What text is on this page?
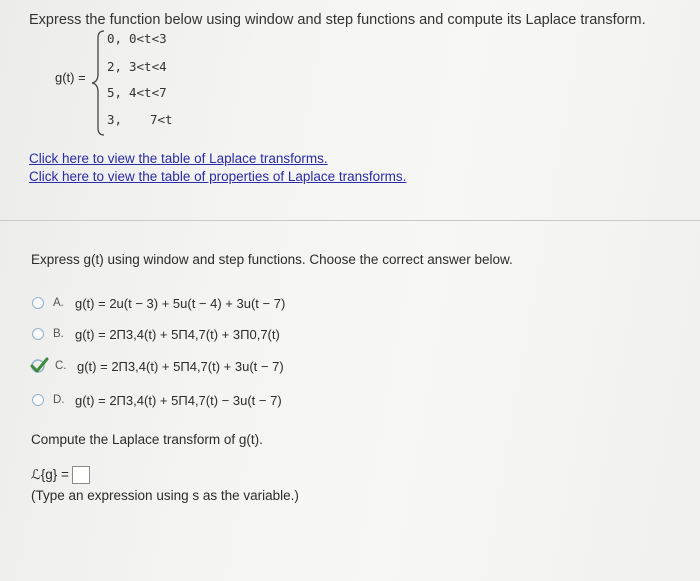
Express the function below using window and step functions and compute its Laplace transform.
g(t) =
0, 0<t<3
2, 3<t<4
5, 4<t<7
3, 7<t
Click here to view the table of Laplace transforms.
Click here to view the table of properties of Laplace transforms.
Express g(t) using window and step functions. Choose the correct answer below.
A. g(t) = 2u(t − 3) + 5u(t − 4) + 3u(t − 7)
B. g(t) = 2Π3,4(t) + 5Π4,7(t) + 3Π0,7(t)
C. g(t) = 2Π3,4(t) + 5Π4,7(t) + 3u(t − 7)
D. g(t) = 2Π3,4(t) + 5Π4,7(t) − 3u(t − 7)
Compute the Laplace transform of g(t).
ℒ{g} =
(Type an expression using s as the variable.)
